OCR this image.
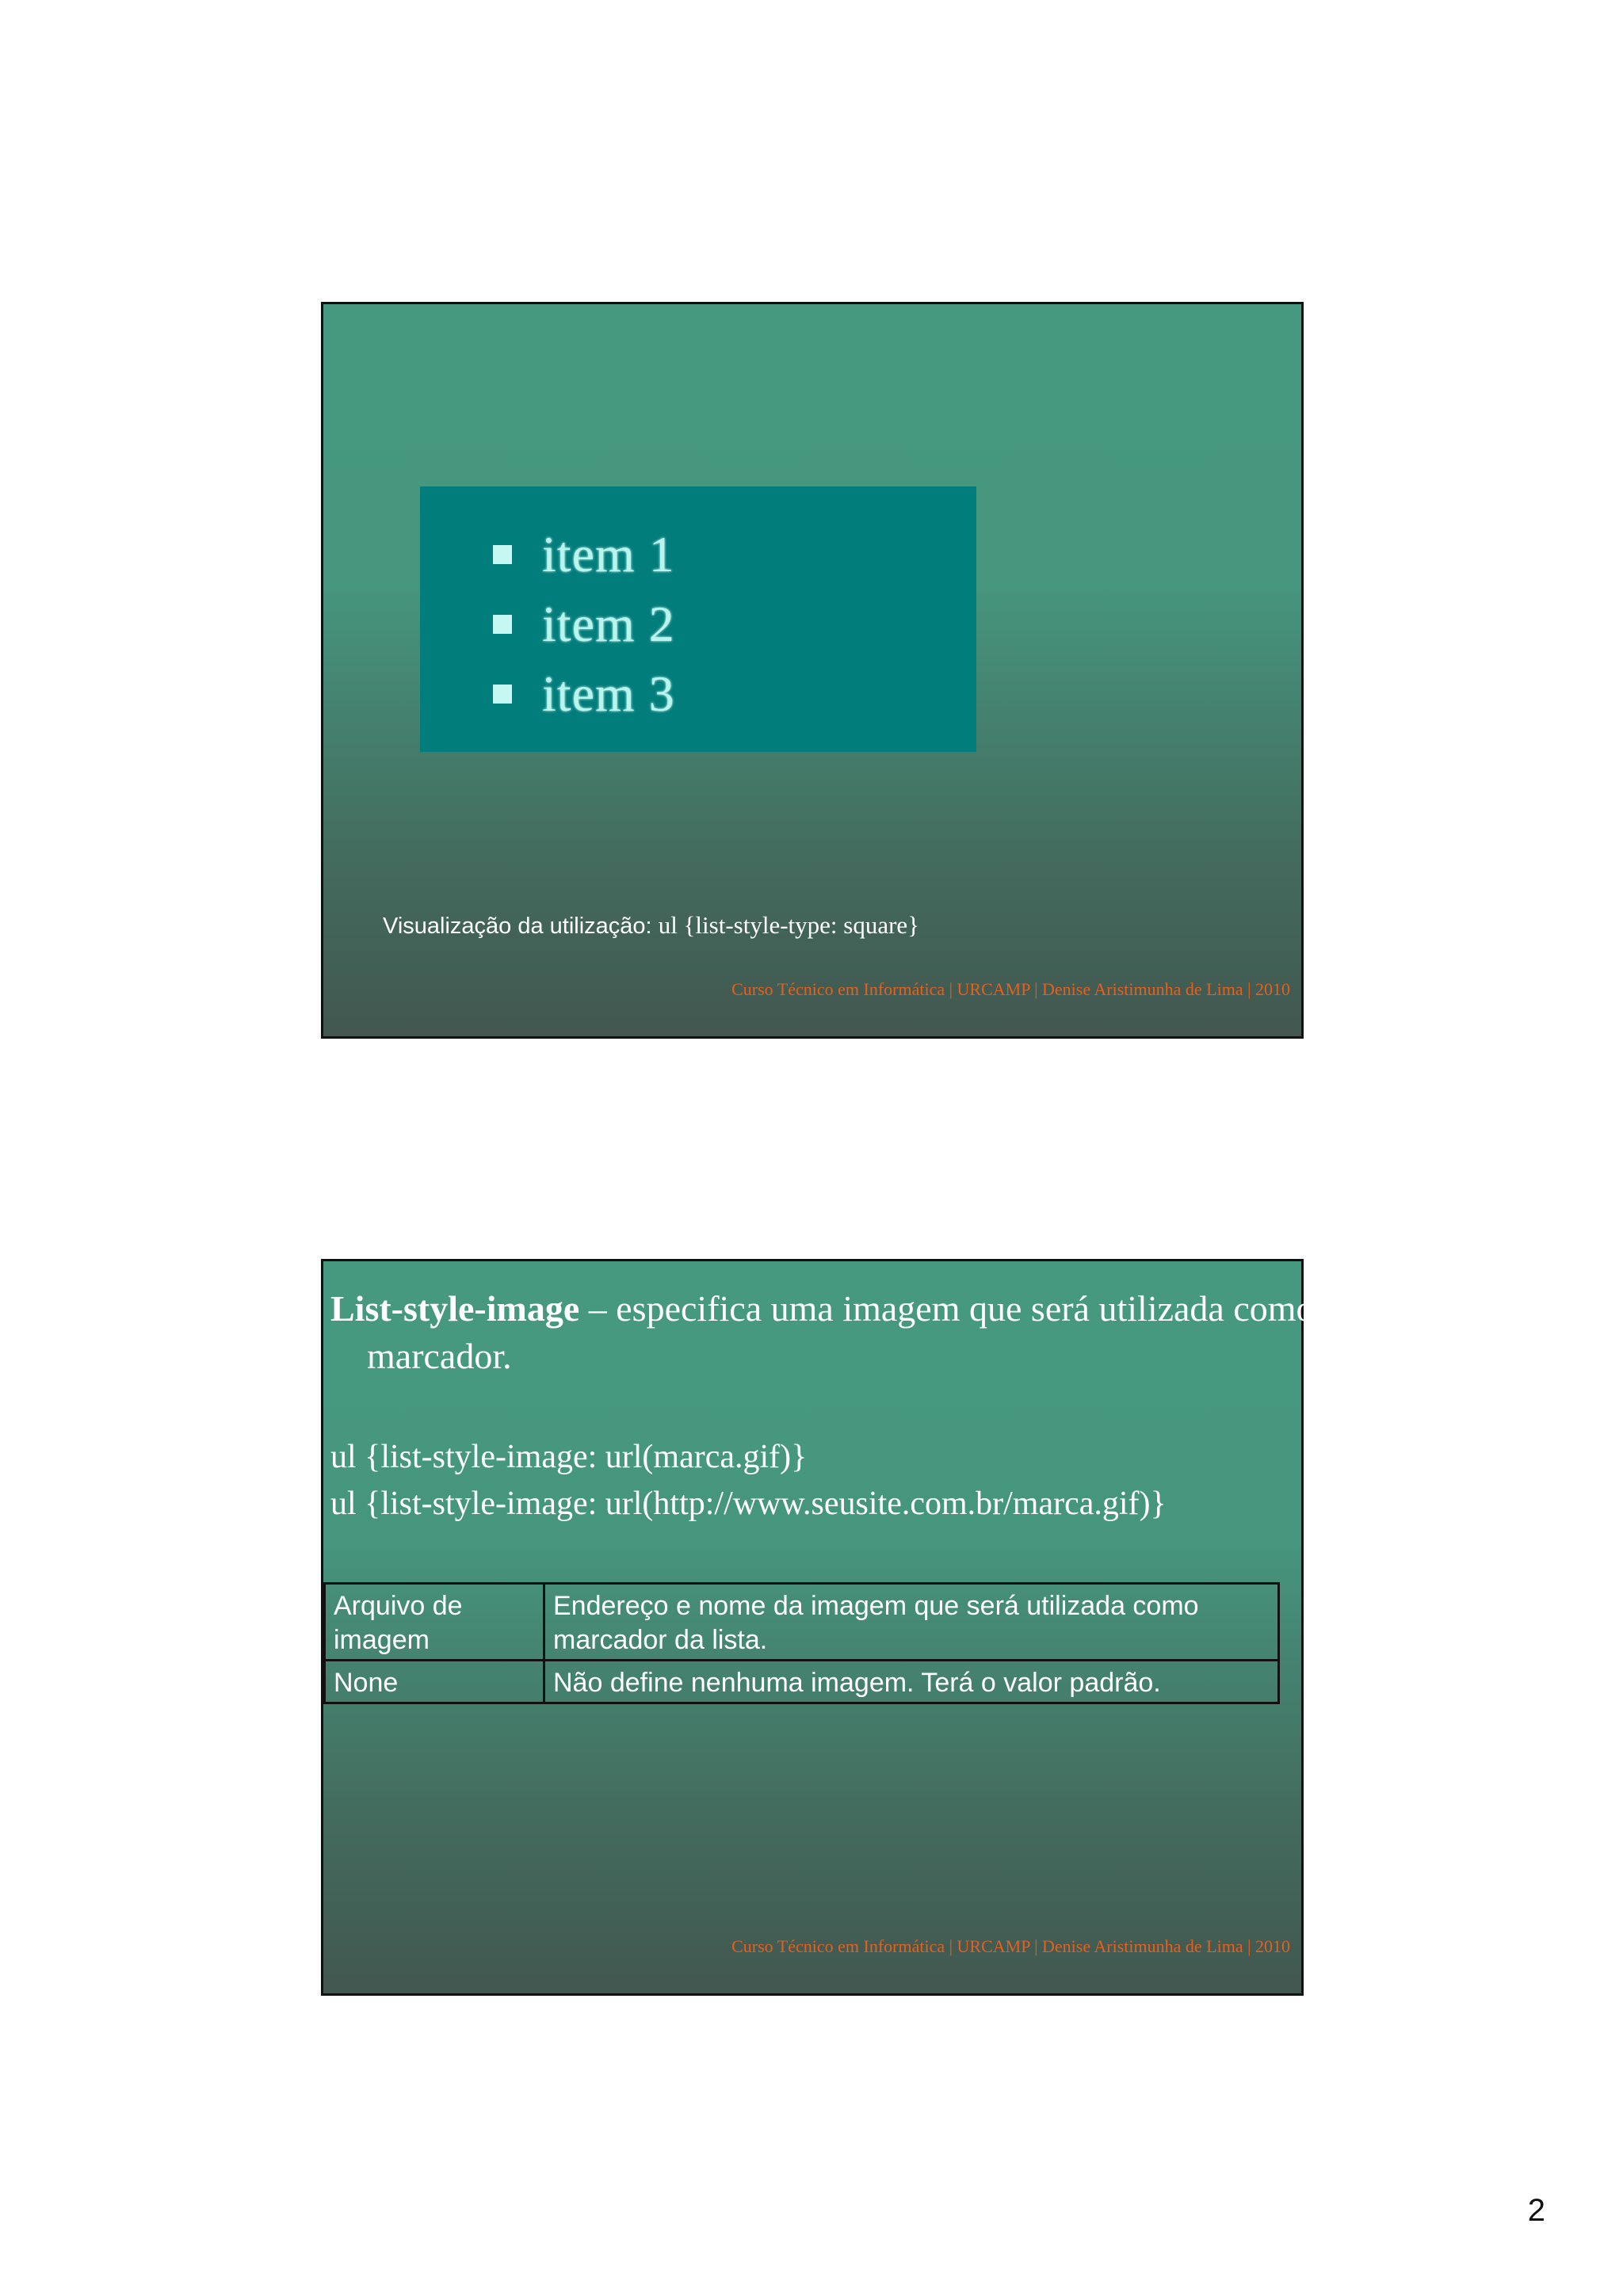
item 1
item 2
item 3
Visualização da utilização: ul {list-style-type: square}
Curso Técnico em Informática | URCAMP | Denise Aristimunha de Lima | 2010
List-style-image – especifica uma imagem que será utilizada como marcador.
ul {list-style-image: url(marca.gif)}
ul {list-style-image: url(http://www.seusite.com.br/marca.gif)}
Arquivo de imagem	Endereço e nome da imagem que será utilizada como marcador da lista.
None	Não define nenhuma imagem. Terá o valor padrão.
Curso Técnico em Informática | URCAMP | Denise Aristimunha de Lima | 2010
2
